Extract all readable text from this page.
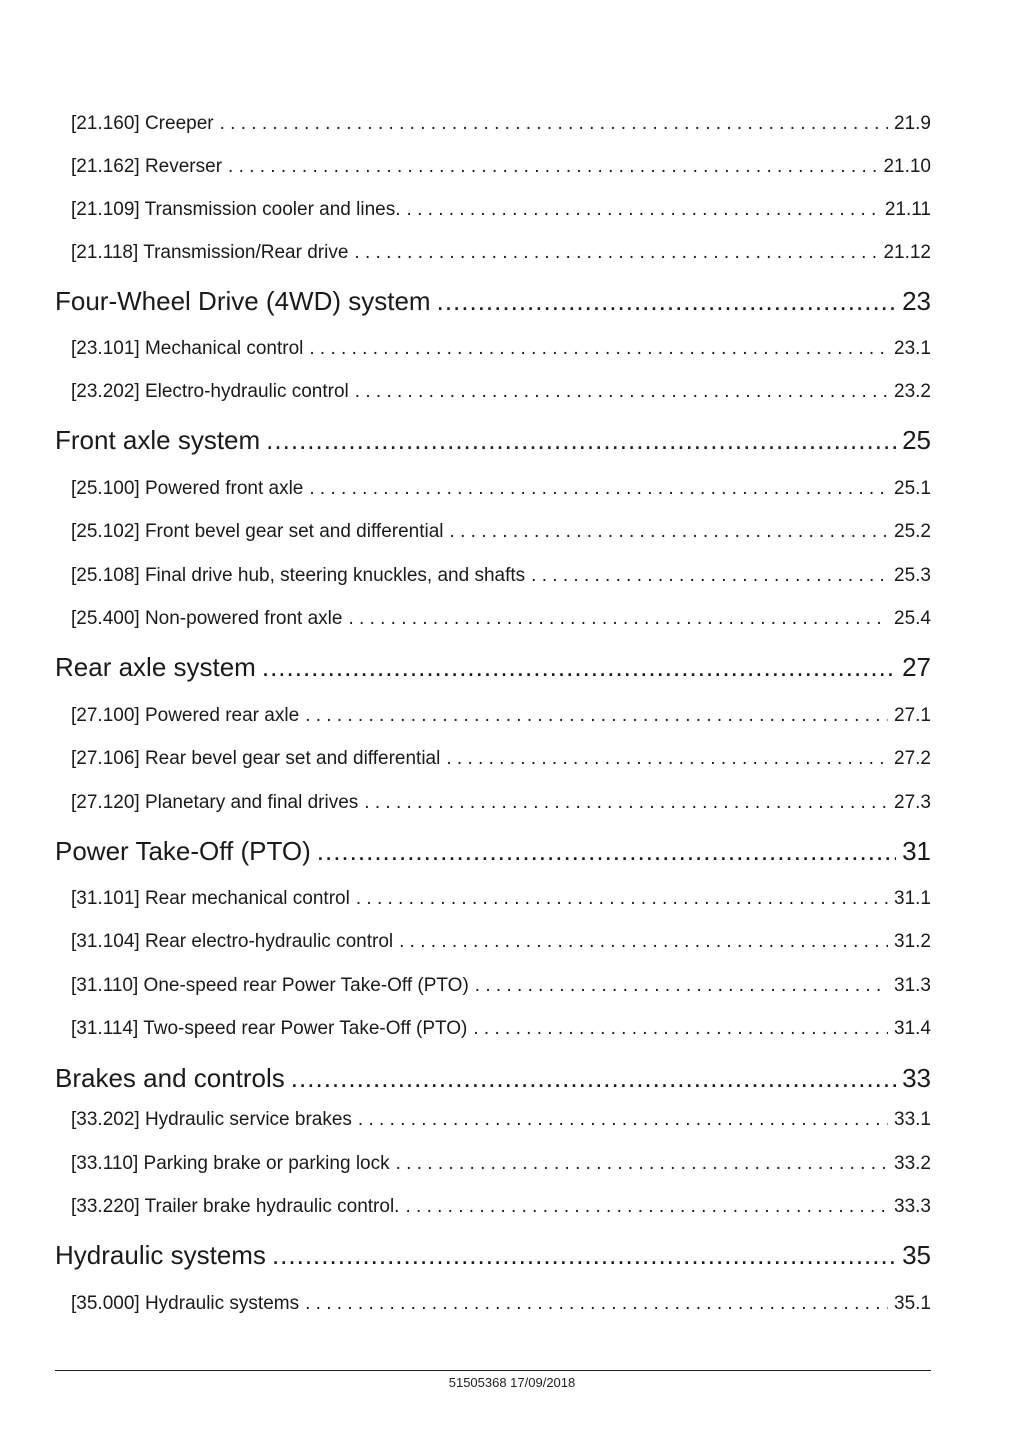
[21.160] Creeper . . .	21.9
[21.162] Reverser . . .	21.10
[21.109] Transmission cooler and lines. . . .	21.11
[21.118] Transmission/Rear drive . . .	21.12
Four-Wheel Drive (4WD) system .....	23
[23.101] Mechanical control . . .	23.1
[23.202] Electro-hydraulic control . . .	23.2
Front axle system .....	25
[25.100] Powered front axle . . .	25.1
[25.102] Front bevel gear set and differential . . .	25.2
[25.108] Final drive hub, steering knuckles, and shafts . . .	25.3
[25.400] Non-powered front axle . . .	25.4
Rear axle system .....	27
[27.100] Powered rear axle . . .	27.1
[27.106] Rear bevel gear set and differential . . .	27.2
[27.120] Planetary and final drives . . .	27.3
Power Take-Off (PTO) .....	31
[31.101] Rear mechanical control . . .	31.1
[31.104] Rear electro-hydraulic control . . .	31.2
[31.110] One-speed rear Power Take-Off (PTO) . . .	31.3
[31.114] Two-speed rear Power Take-Off (PTO) . . .	31.4
Brakes and controls .....	33
[33.202] Hydraulic service brakes . . .	33.1
[33.110] Parking brake or parking lock . . .	33.2
[33.220] Trailer brake hydraulic control. . . .	33.3
Hydraulic systems .....	35
[35.000] Hydraulic systems . . .	35.1
51505368 17/09/2018
